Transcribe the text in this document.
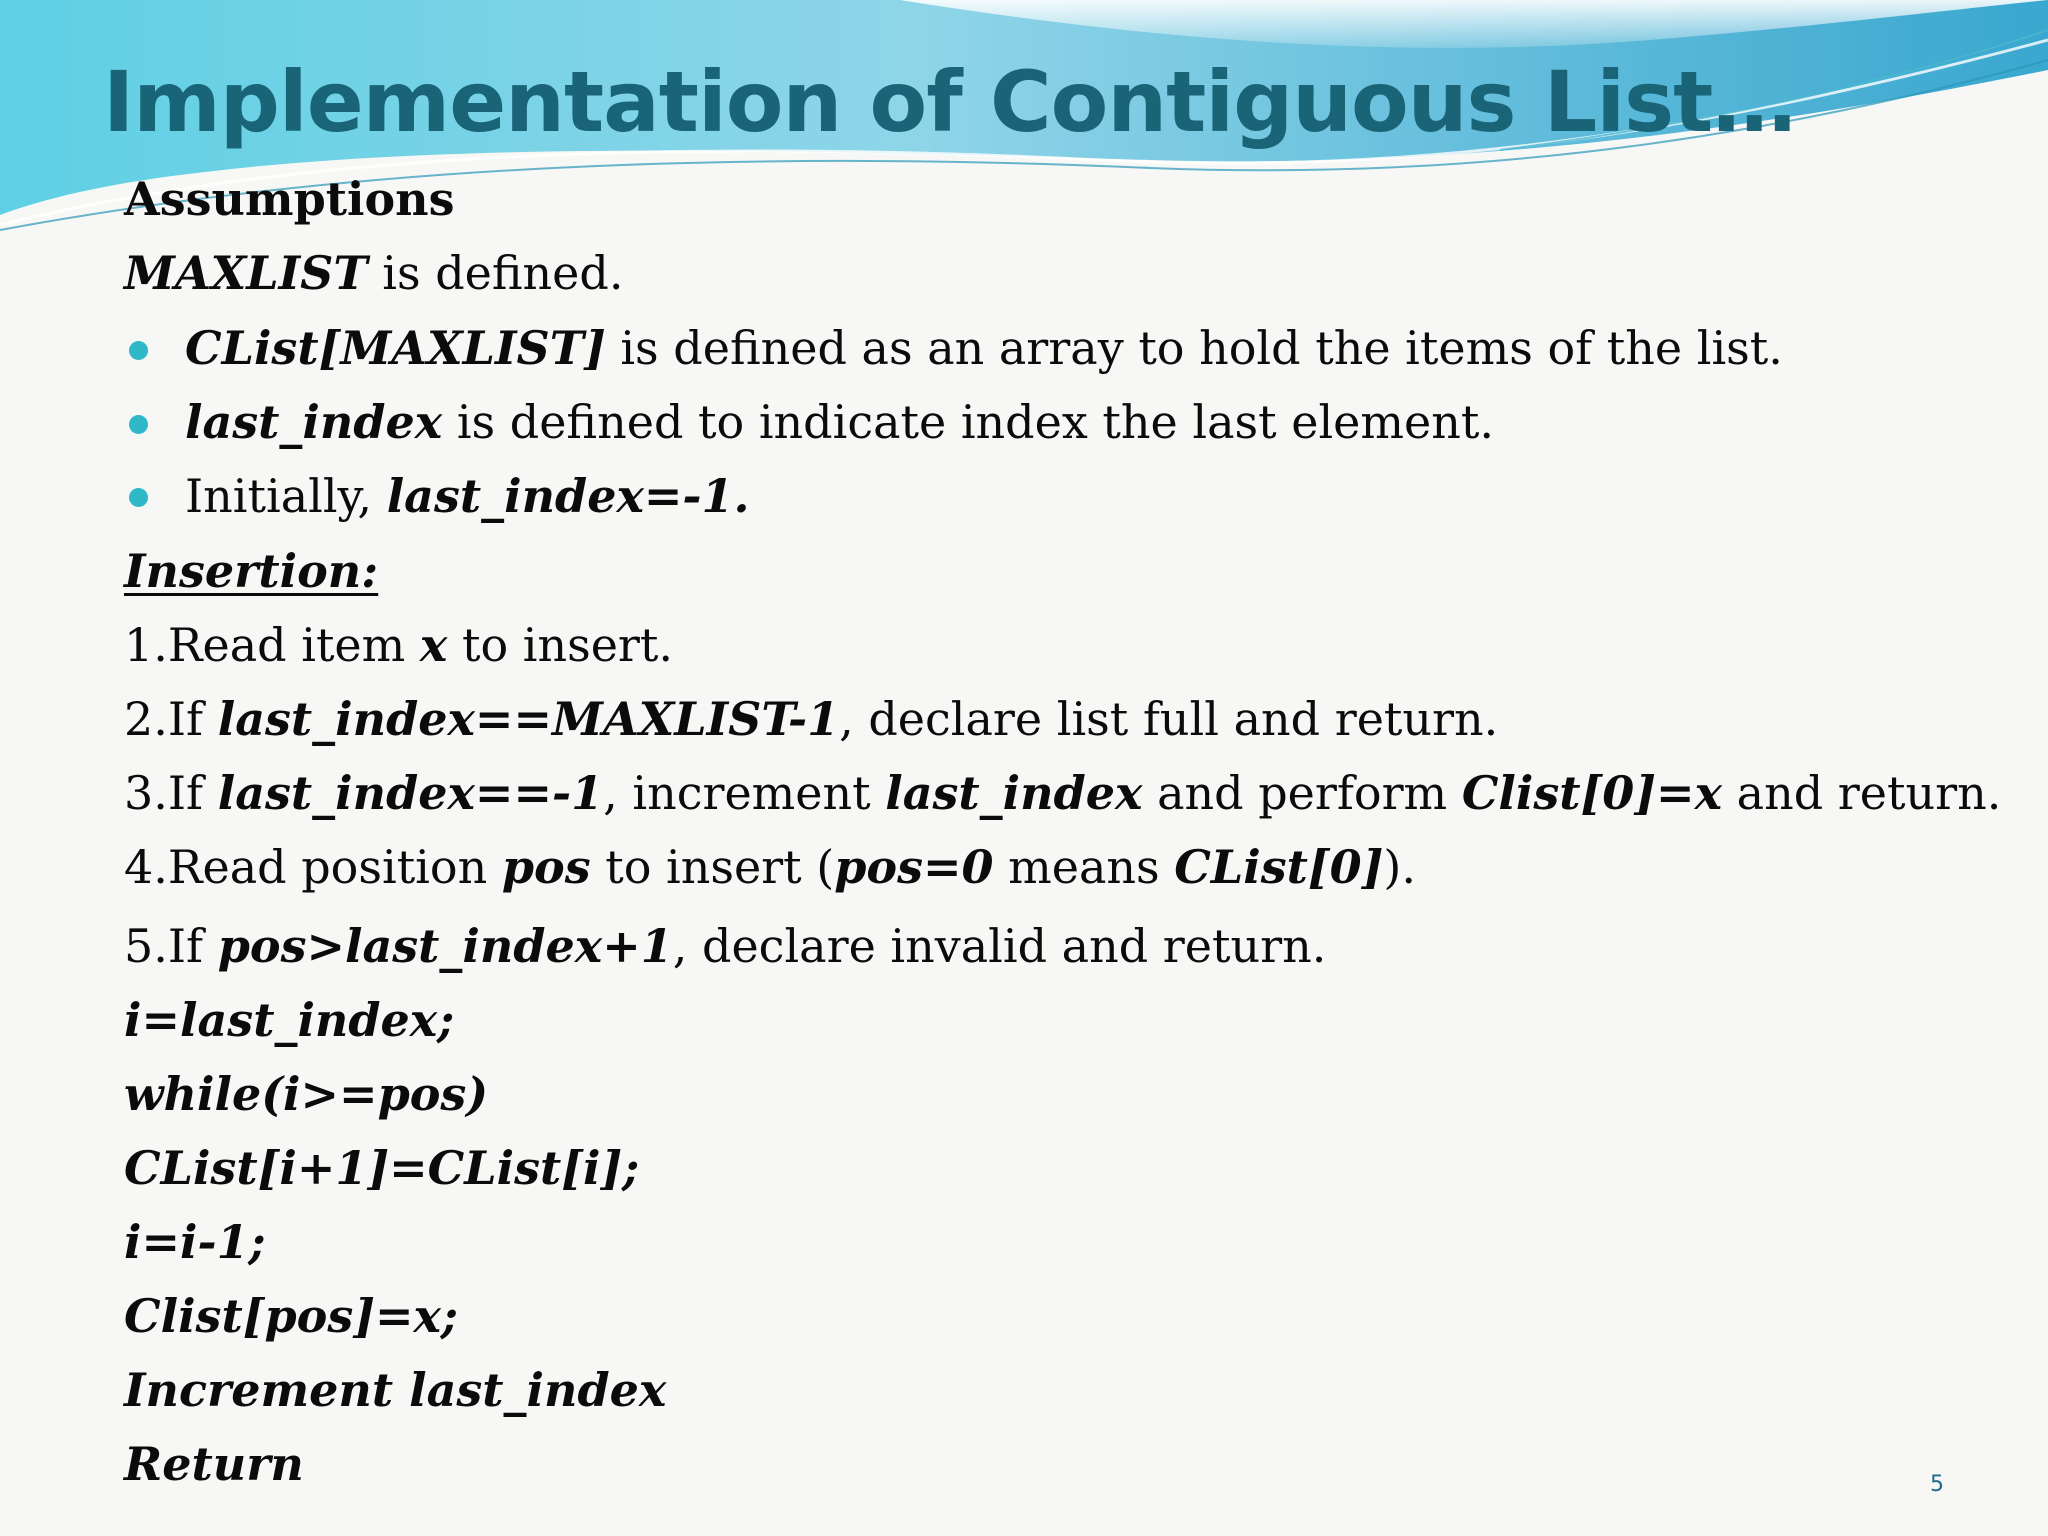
Implementation of Contiguous List…

Assumptions

MAXLIST is defined.

CList[MAXLIST] is defined as an array to hold the items of the list.

last_index is defined to indicate index the last element.

Initially, last_index=-1.

Insertion:

1.Read item x to insert.

2.If last_index==MAXLIST-1, declare list full and return.

3.If last_index==-1, increment last_index and perform Clist[0]=x and return.

4.Read position pos to insert (pos=0 means CList[0]).

5.If pos>last_index+1, declare invalid and return.

i=last_index;

while(i>=pos)

CList[i+1]=CList[i];

i=i-1;

Clist[pos]=x;

Increment last_index

Return	5
